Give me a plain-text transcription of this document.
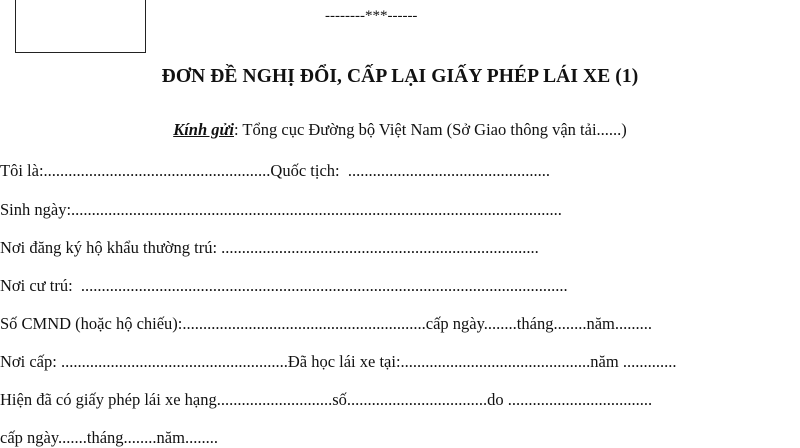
--------***------
ĐƠN ĐỀ NGHỊ ĐỔI, CẤP LẠI GIẤY PHÉP LÁI XE (1)
Kính gửi: Tổng cục Đường bộ Việt Nam (Sở Giao thông vận tải......)
Tôi là:.......................................................Quốc tịch:  .................................................
Sinh ngày:.......................................................................................................................
Nơi đăng ký hộ khẩu thường trú: .............................................................................
Nơi cư trú:  ......................................................................................................................
Số CMND (hoặc hộ chiếu):...........................................................cấp ngày........tháng........năm.........
Nơi cấp: .......................................................Đã học lái xe tại:..............................................năm .............
Hiện đã có giấy phép lái xe hạng............................số..................................do ...................................
cấp ngày.......tháng........năm........
